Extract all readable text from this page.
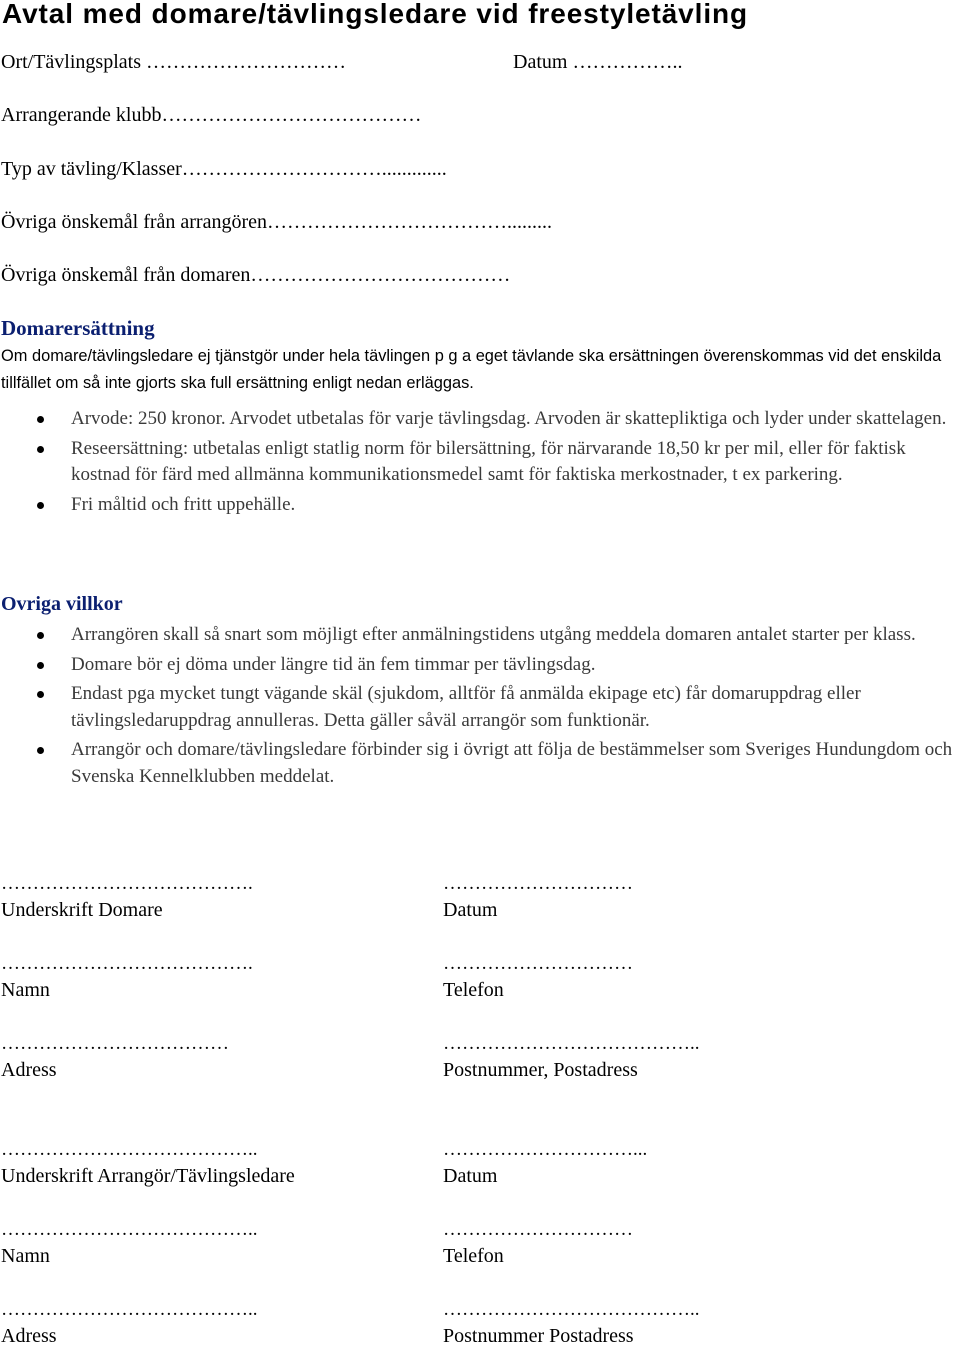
Avtal med domare/tävlingsledare vid freestyletävling
Ort/Tävlingsplats …………………………	Datum ……………..
Arrangerande klubb…………………………………
Typ av tävling/Klasser………………………….............
Övriga önskemål från arrangören……………………………….........
Övriga önskemål från domaren…………………………………
Domarersättning
Om domare/tävlingsledare ej tjänstgör under hela tävlingen p g a eget tävlande ska ersättningen överenskommas vid det enskilda tillfället om så inte gjorts ska full ersättning enligt nedan erläggas.
Arvode: 250 kronor. Arvodet utbetalas för varje tävlingsdag. Arvoden är skattepliktiga och lyder under skattelagen.
Reseersättning: utbetalas enligt statlig norm för bilersättning, för närvarande 18,50 kr per mil, eller för faktisk kostnad för färd med allmänna kommunikationsmedel samt för faktiska merkostnader, t ex parkering.
Fri måltid och fritt uppehälle.
Ovriga villkor
Arrangören skall så snart som möjligt efter anmälningstidens utgång meddela domaren antalet starter per klass.
Domare bör ej döma under längre tid än fem timmar per tävlingsdag.
Endast pga mycket tungt vägande skäl (sjukdom, alltför få anmälda ekipage etc) får domaruppdrag eller tävlingsledaruppdrag annulleras. Detta gäller såväl arrangör som funktionär.
Arrangör och domare/tävlingsledare förbinder sig i övrigt att följa de bestämmelser som Sveriges Hundungdom och Svenska Kennelklubben meddelat.
………………………………….
Underskrift Domare
…………………………
Datum
………………………………….
Namn
…………………………
Telefon
………………………………
Adress
…………………………………..
Postnummer, Postadress
…………………………………..
Underskrift Arrangör/Tävlingsledare
…………………………...
Datum
…………………………………..
Namn
…………………………
Telefon
…………………………………..
Adress
…………………………………..
Postnummer Postadress
